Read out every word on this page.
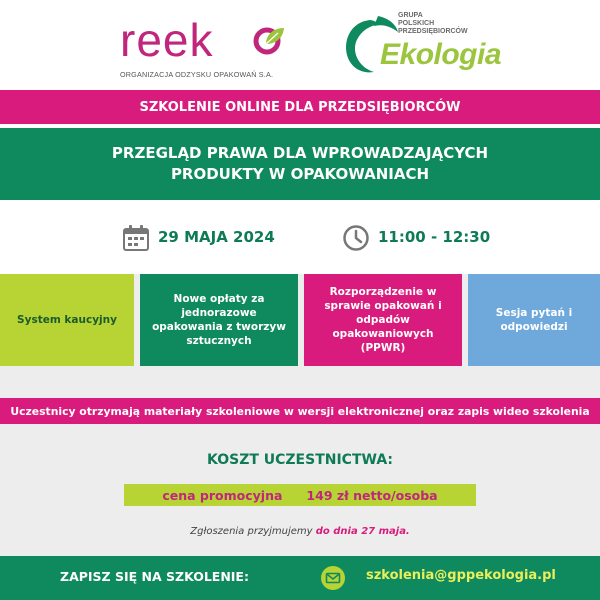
reek
ORGANIZACJA ODZYSKU OPAKOWAŃ S.A.
GRUPA
POLSKICH
PRZEDSIĘBIORCÓW
Ekologia
SZKOLENIE ONLINE DLA PRZEDSIĘBIORCÓW
PRZEGLĄD PRAWA DLA WPROWADZAJĄCYCH
PRODUKTY W OPAKOWANIACH
29 MAJA 2024	11:00 - 12:30
System kaucyjny
Nowe opłaty za jednorazowe opakowania z tworzyw sztucznych
Rozporządzenie w sprawie opakowań i odpadów opakowaniowych (PPWR)
Sesja pytań i odpowiedzi
Uczestnicy otrzymają materiały szkoleniowe w wersji elektronicznej oraz zapis wideo szkolenia
KOSZT UCZESTNICTWA:
cena promocyjna 149 zł netto/osoba
Zgłoszenia przyjmujemy do dnia 27 maja.
ZAPISZ SIĘ NA SZKOLENIE:	szkolenia@gppekologia.pl
